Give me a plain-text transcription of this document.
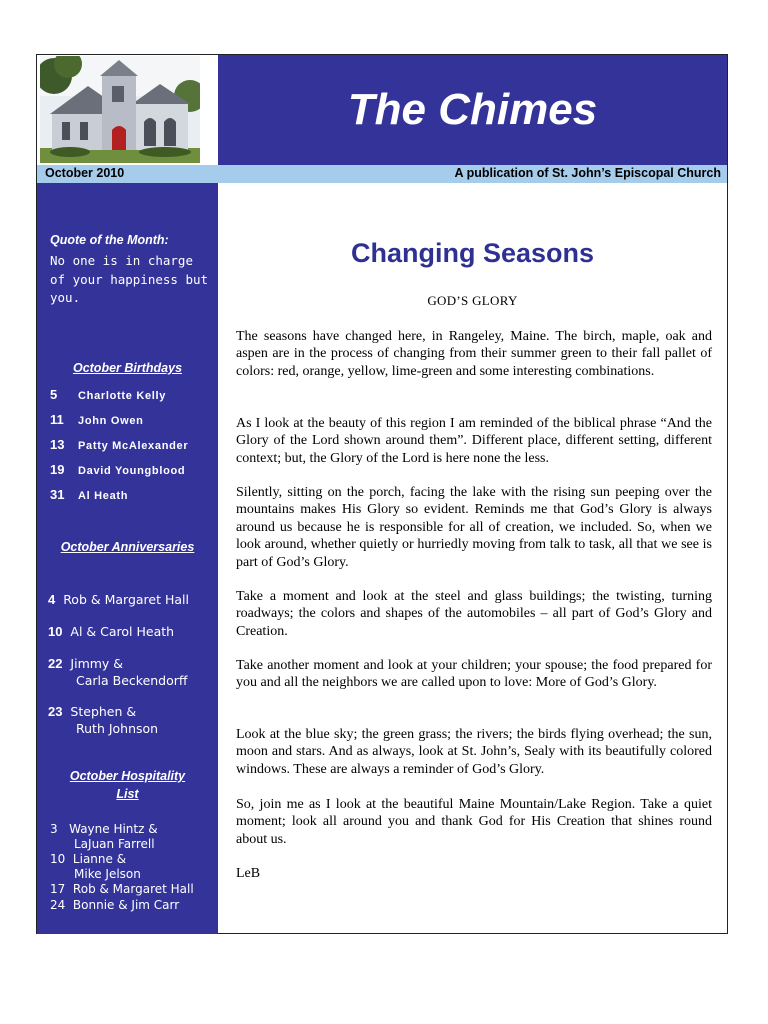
The Chimes
October 2010	A publication of St. John’s Episcopal Church
Quote of the Month:
No one is in charge of your happiness but you.
October Birthdays
5 Charlotte Kelly
11 John Owen
13 Patty McAlexander
19 David Youngblood
31 Al Heath
October Anniversaries
4 Rob & Margaret Hall
10 Al & Carol Heath
22 Jimmy &
Carla Beckendorff
23 Stephen &
Ruth Johnson
October Hospitality
List
3 Wayne Hintz &
LaJuan Farrell
10 Lianne &
Mike Jelson
17 Rob & Margaret Hall
24 Bonnie & Jim Carr
Changing Seasons
GOD’S GLORY

The seasons have changed here, in Rangeley, Maine. The birch, maple, oak and aspen are in the process of changing from their summer green to their fall pallet of colors: red, orange, yellow, lime-green and some interesting combinations.

As I look at the beauty of this region I am reminded of the biblical phrase “And the Glory of the Lord shown around them”. Different place, different setting, different context; but, the Glory of the Lord is here none the less.

Silently, sitting on the porch, facing the lake with the rising sun peeping over the mountains makes His Glory so evident. Reminds me that God’s Glory is always around us because he is responsible for all of creation, we included. So, when we look around, whether quietly or hurriedly moving from talk to task, all that we see is part of God’s Glory.

Take a moment and look at the steel and glass buildings; the twisting, turning roadways; the colors and shapes of the automobiles – all part of God’s Glory and Creation.

Take another moment and look at your children; your spouse; the food prepared for you and all the neighbors we are called upon to love: More of God’s Glory.

Look at the blue sky; the green grass; the rivers; the birds flying overhead; the sun, moon and stars. And as always, look at St. John’s, Sealy with its beautifully colored windows. These are always a reminder of God’s Glory.

So, join me as I look at the beautiful Maine Mountain/Lake Region. Take a quiet moment; look all around you and thank God for His Creation that shines round about us.

LeB
